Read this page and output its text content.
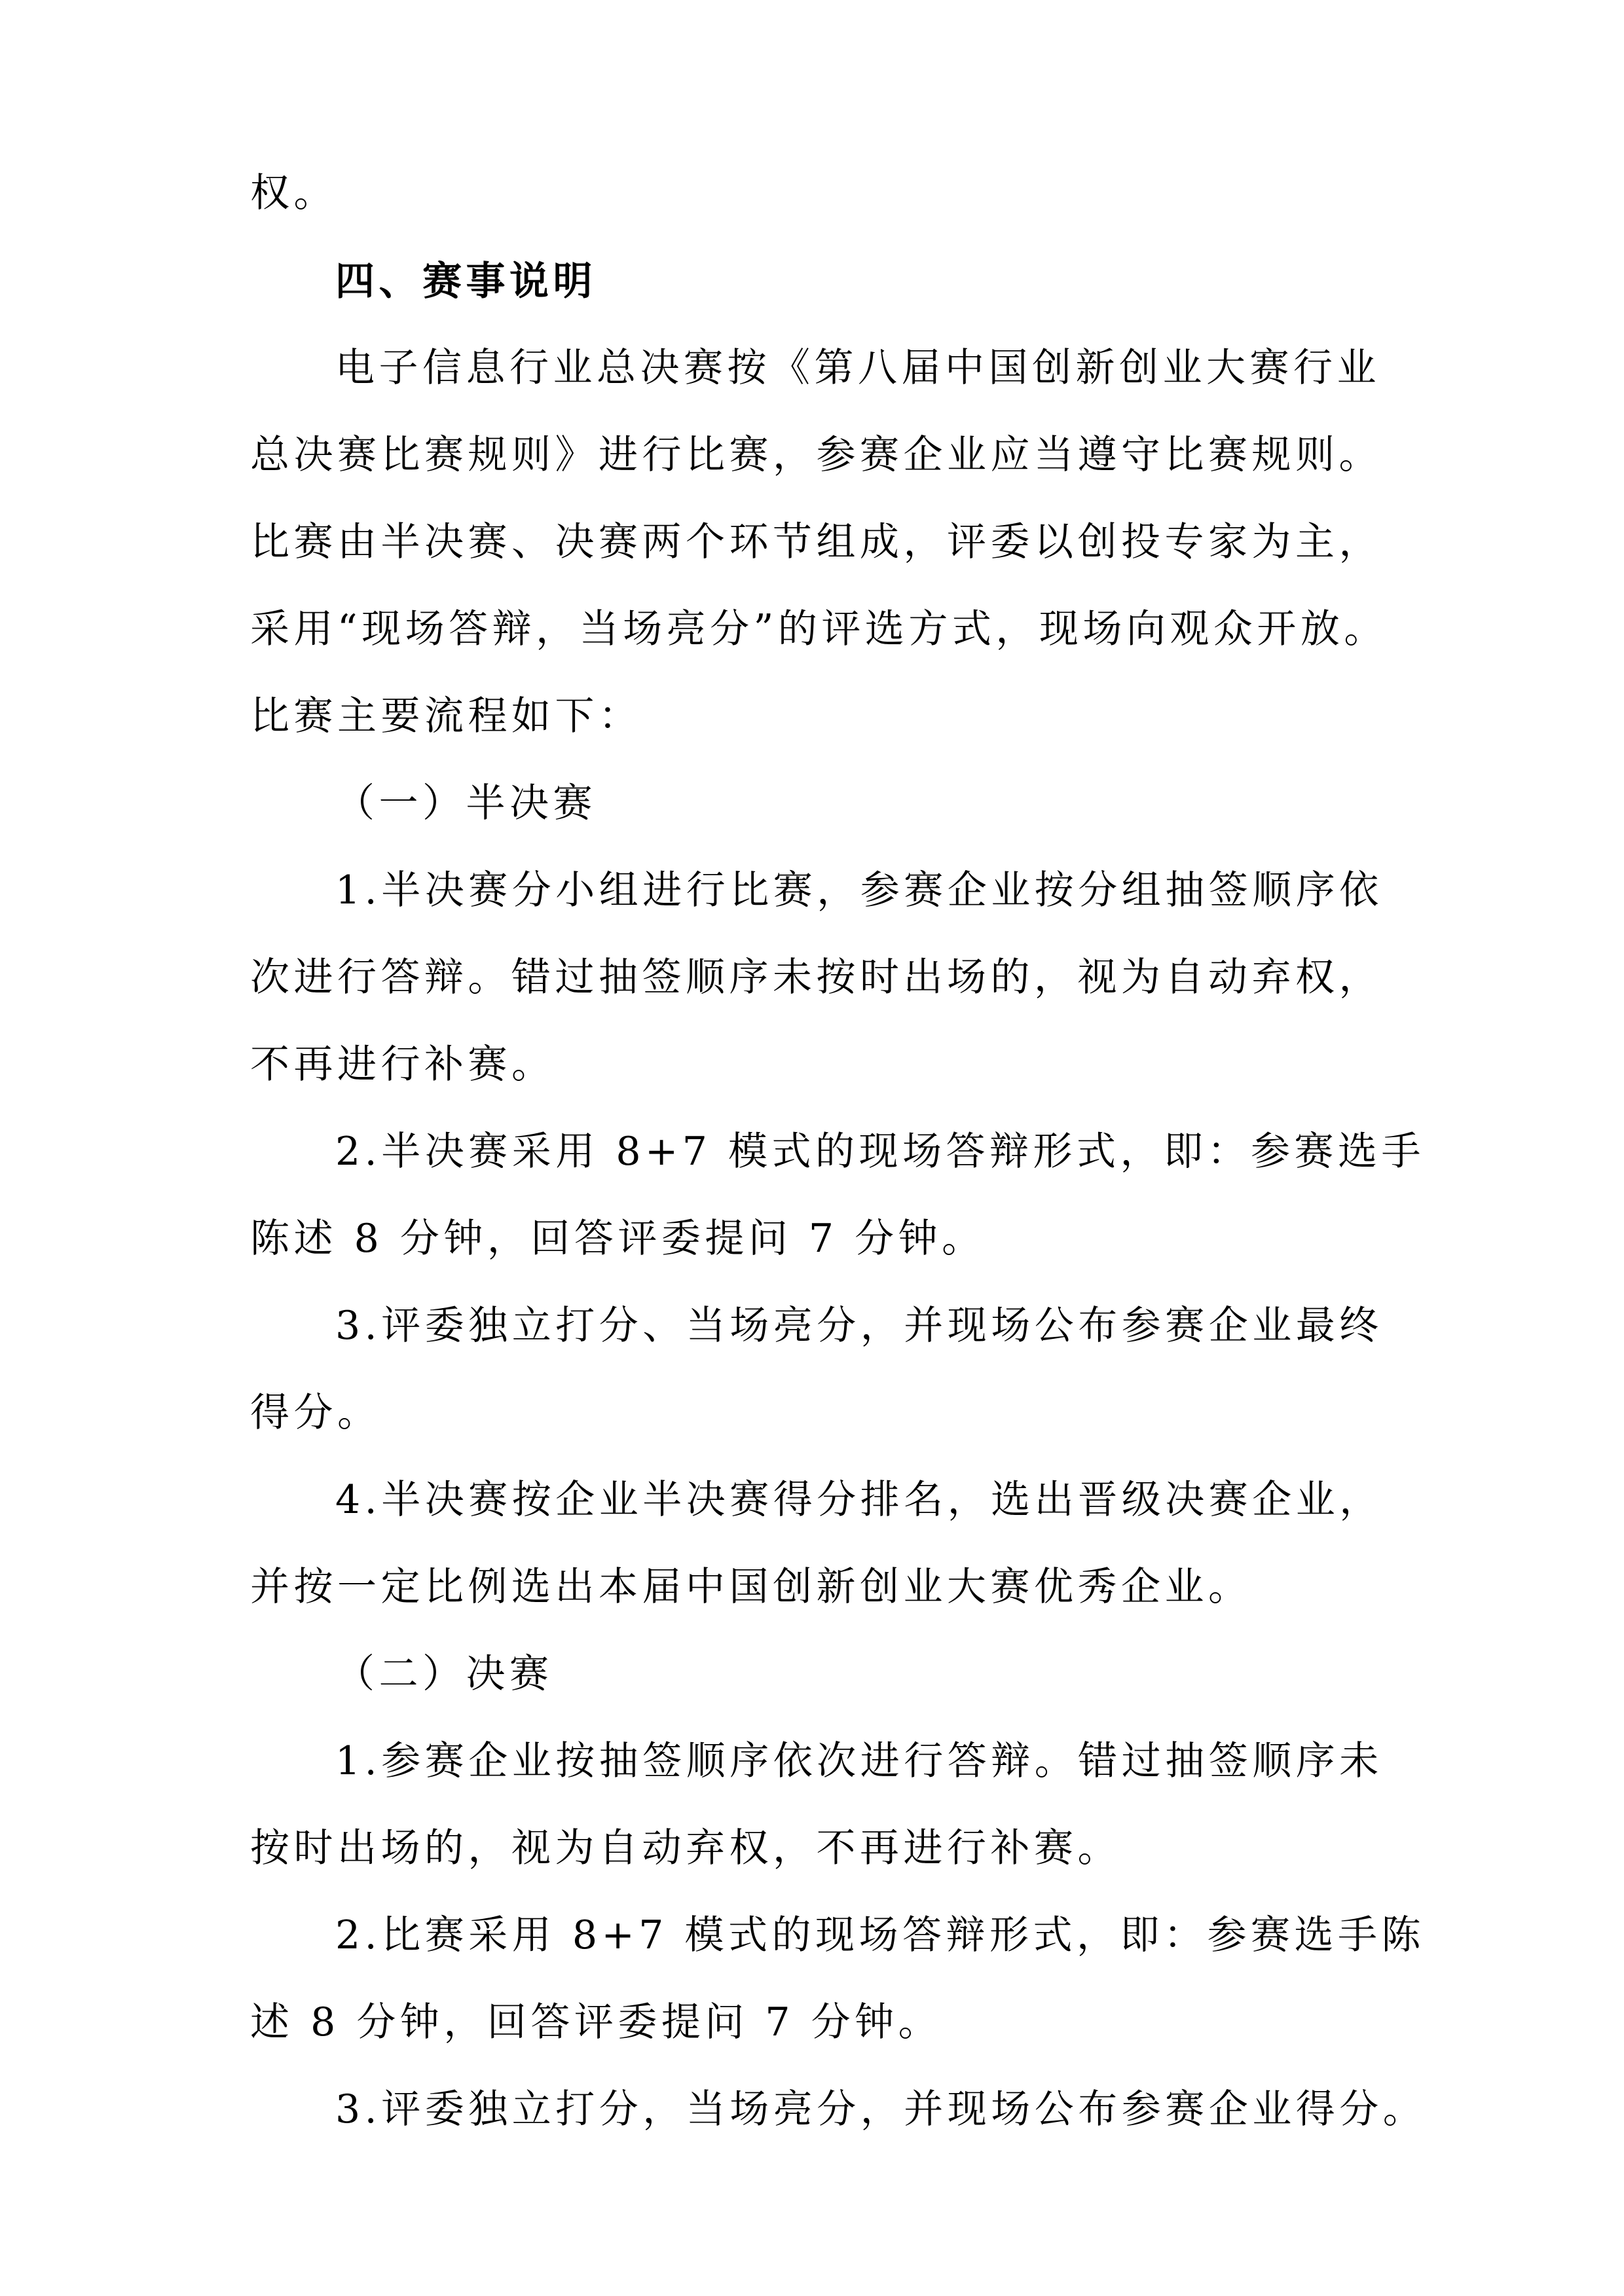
权。
四、赛事说明
电子信息行业总决赛按《第八届中国创新创业大赛行业
总决赛比赛规则》进行比赛，参赛企业应当遵守比赛规则。
比赛由半决赛、决赛两个环节组成，评委以创投专家为主，
采用“现场答辩，当场亮分”的评选方式，现场向观众开放。
比赛主要流程如下：
（一）半决赛
1.半决赛分小组进行比赛，参赛企业按分组抽签顺序依
次进行答辩。错过抽签顺序未按时出场的，视为自动弃权，
不再进行补赛。
2.半决赛采用 8+7 模式的现场答辩形式，即：参赛选手
陈述 8 分钟，回答评委提问 7 分钟。
3.评委独立打分、当场亮分，并现场公布参赛企业最终
得分。
4.半决赛按企业半决赛得分排名，选出晋级决赛企业，
并按一定比例选出本届中国创新创业大赛优秀企业。
（二）决赛
1.参赛企业按抽签顺序依次进行答辩。错过抽签顺序未
按时出场的，视为自动弃权，不再进行补赛。
2.比赛采用 8+7 模式的现场答辩形式，即：参赛选手陈
述 8 分钟，回答评委提问 7 分钟。
3.评委独立打分，当场亮分，并现场公布参赛企业得分。
